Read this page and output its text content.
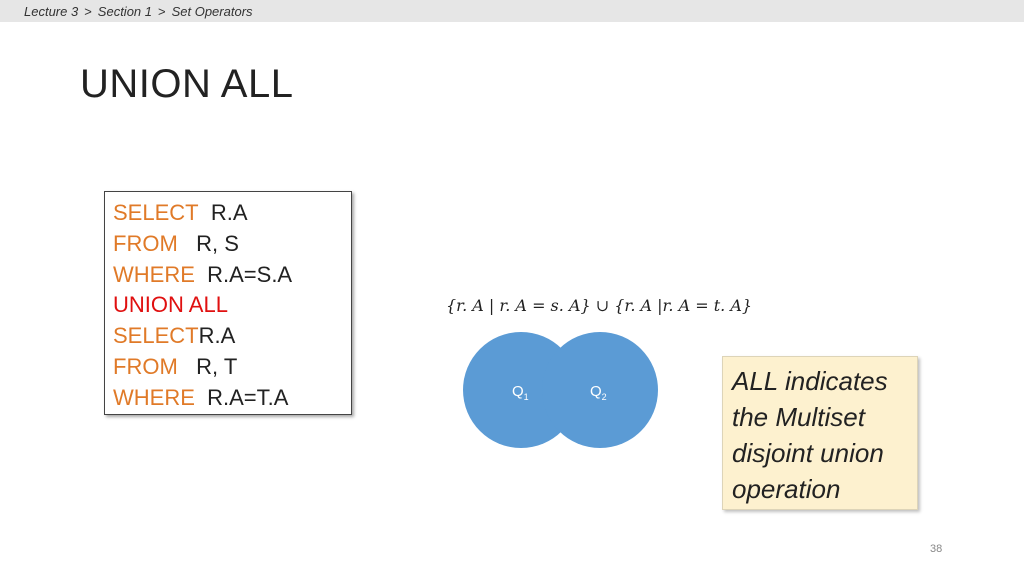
Lecture 3 > Section 1 > Set Operators
UNION ALL
SELECT R.A
FROM R, S
WHERE R.A=S.A
UNION ALL
SELECTR.A
FROM R, T
WHERE R.A=T.A
{r. A | r. A = s. A} ∪ {r. A |r. A = t. A}
$Q_1$	$Q_2$
ALL indicates the Multiset disjoint union operation
38
